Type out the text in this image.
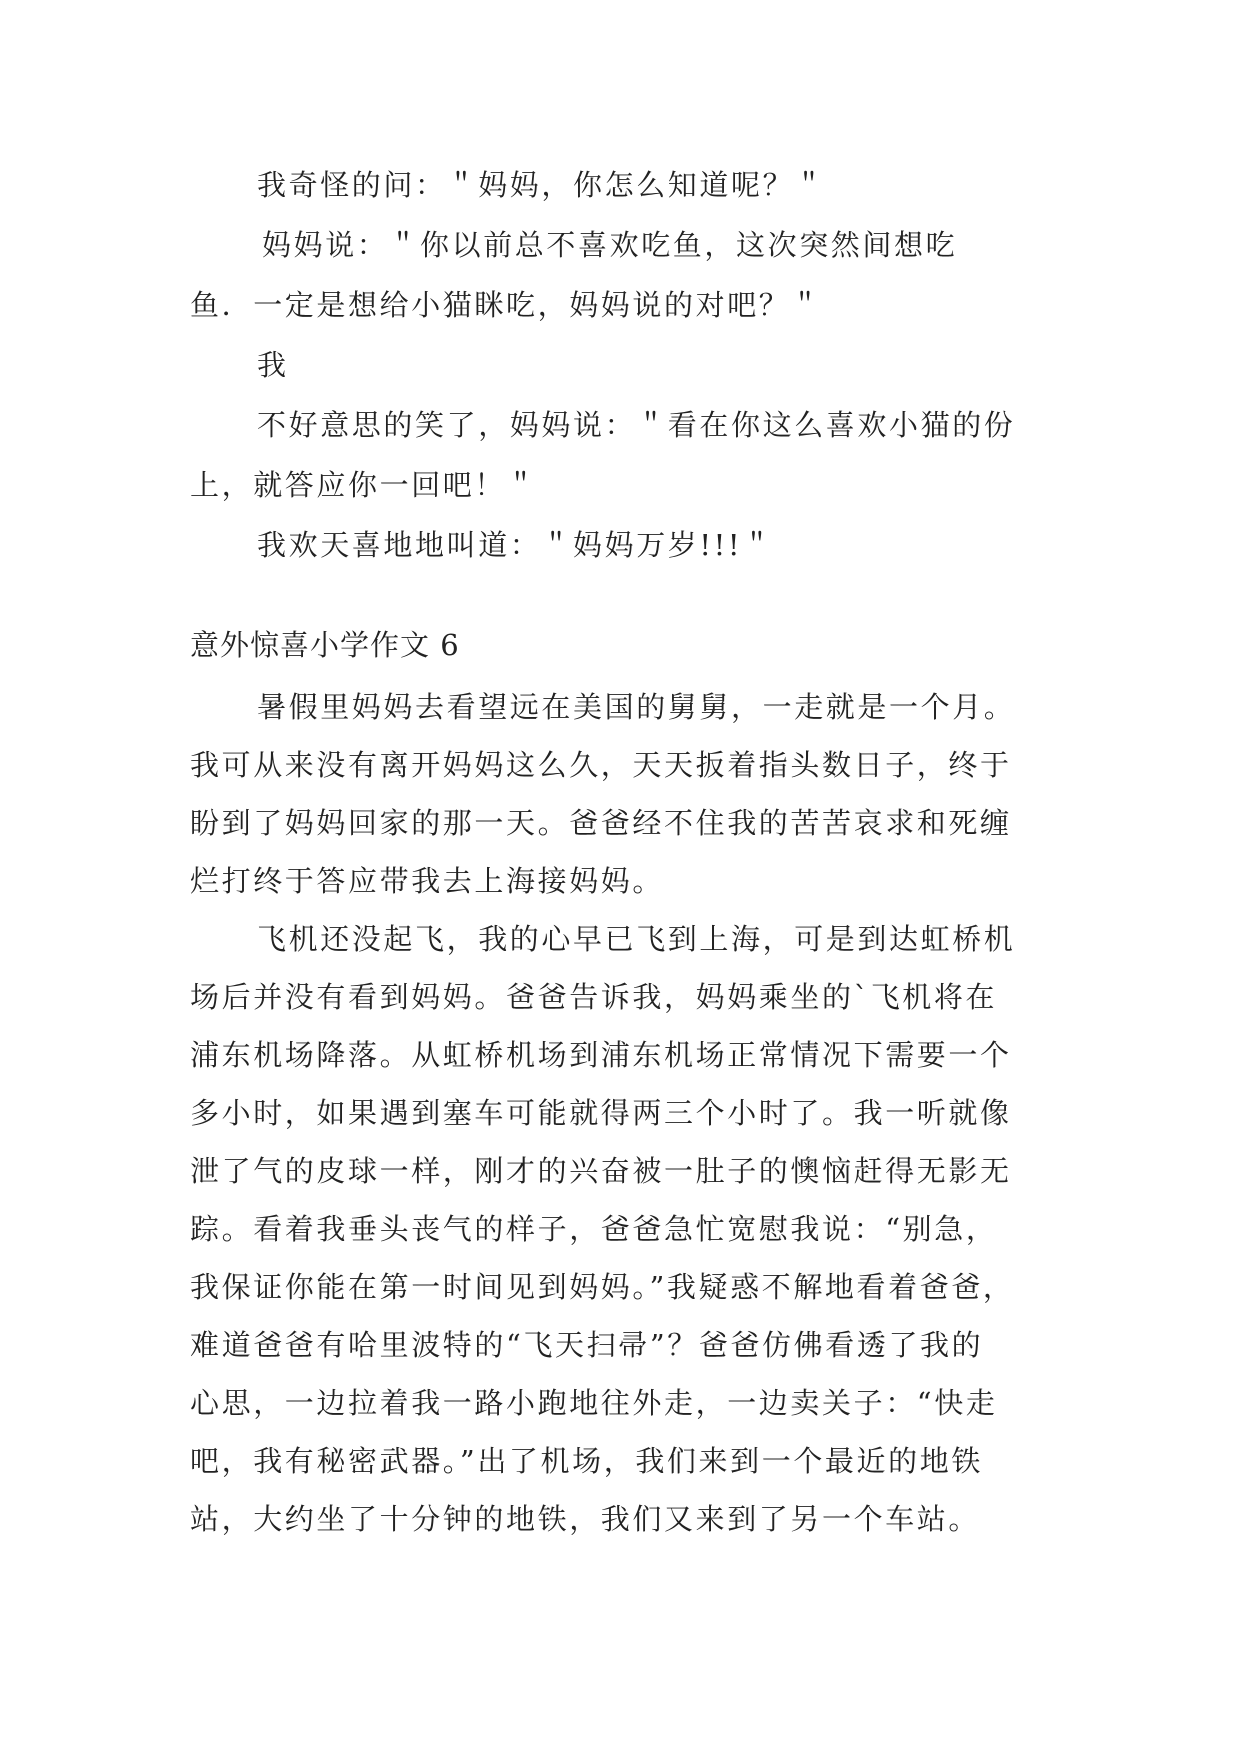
我奇怪的问：＂妈妈，你怎么知道呢？＂
妈妈说：＂你以前总不喜欢吃鱼，这次突然间想吃
鱼．一定是想给小猫眯吃，妈妈说的对吧？＂
我
不好意思的笑了，妈妈说：＂看在你这么喜欢小猫的份
上，就答应你一回吧！＂
我欢天喜地地叫道：＂妈妈万岁!!!＂
意外惊喜小学作文 6
暑假里妈妈去看望远在美国的舅舅，一走就是一个月。
我可从来没有离开妈妈这么久，天天扳着指头数日子，终于
盼到了妈妈回家的那一天。爸爸经不住我的苦苦哀求和死缠
烂打终于答应带我去上海接妈妈。
飞机还没起飞，我的心早已飞到上海，可是到达虹桥机
场后并没有看到妈妈。爸爸告诉我，妈妈乘坐的`飞机将在
浦东机场降落。从虹桥机场到浦东机场正常情况下需要一个
多小时，如果遇到塞车可能就得两三个小时了。我一听就像
泄了气的皮球一样，刚才的兴奋被一肚子的懊恼赶得无影无
踪。看着我垂头丧气的样子，爸爸急忙宽慰我说：“别急，
我保证你能在第一时间见到妈妈。”我疑惑不解地看着爸爸，
难道爸爸有哈里波特的“飞天扫帚”？爸爸仿佛看透了我的
心思，一边拉着我一路小跑地往外走，一边卖关子：“快走
吧，我有秘密武器。”出了机场，我们来到一个最近的地铁
站，大约坐了十分钟的地铁，我们又来到了另一个车站。
